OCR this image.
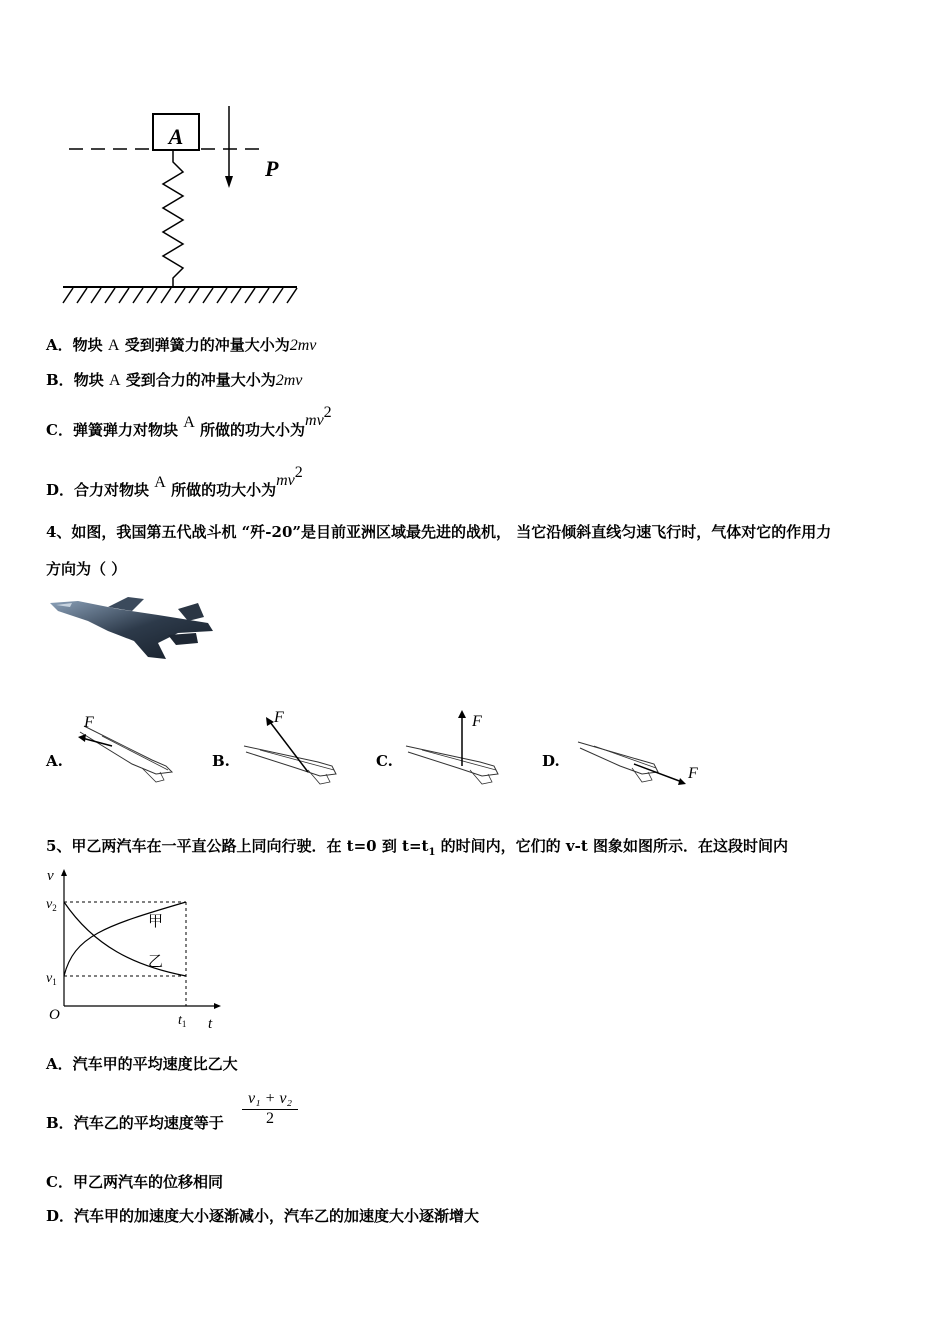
A
P
A．物块 A 受到弹簧力的冲量大小为2mv
B．物块 A 受到合力的冲量大小为2mv
C．弹簧弹力对物块 A 所做的功大小为$mv^2$
D．合力对物块 A 所做的功大小为$mv^2$
4、如图，我国第五代战斗机 “歼-20”是目前亚洲区域最先进的战机， 当它沿倾斜直线匀速飞行时，气体对它的作用力
方向为（ ）
A.
F
B.
F
C.
F
D.
F
5、甲乙两汽车在一平直公路上同向行驶．在 t=0 到 $t=t_1$ 的时间内，它们的 v-t 图象如图所示．在这段时间内
v
t
O
$v_2$
$v_1$
$t_1$
甲
乙
A．汽车甲的平均速度比乙大
B．汽车乙的平均速度等于 $\frac{\text{v₁ + v₂}}{2}$
C．甲乙两汽车的位移相同
D．汽车甲的加速度大小逐渐减小，汽车乙的加速度大小逐渐增大
